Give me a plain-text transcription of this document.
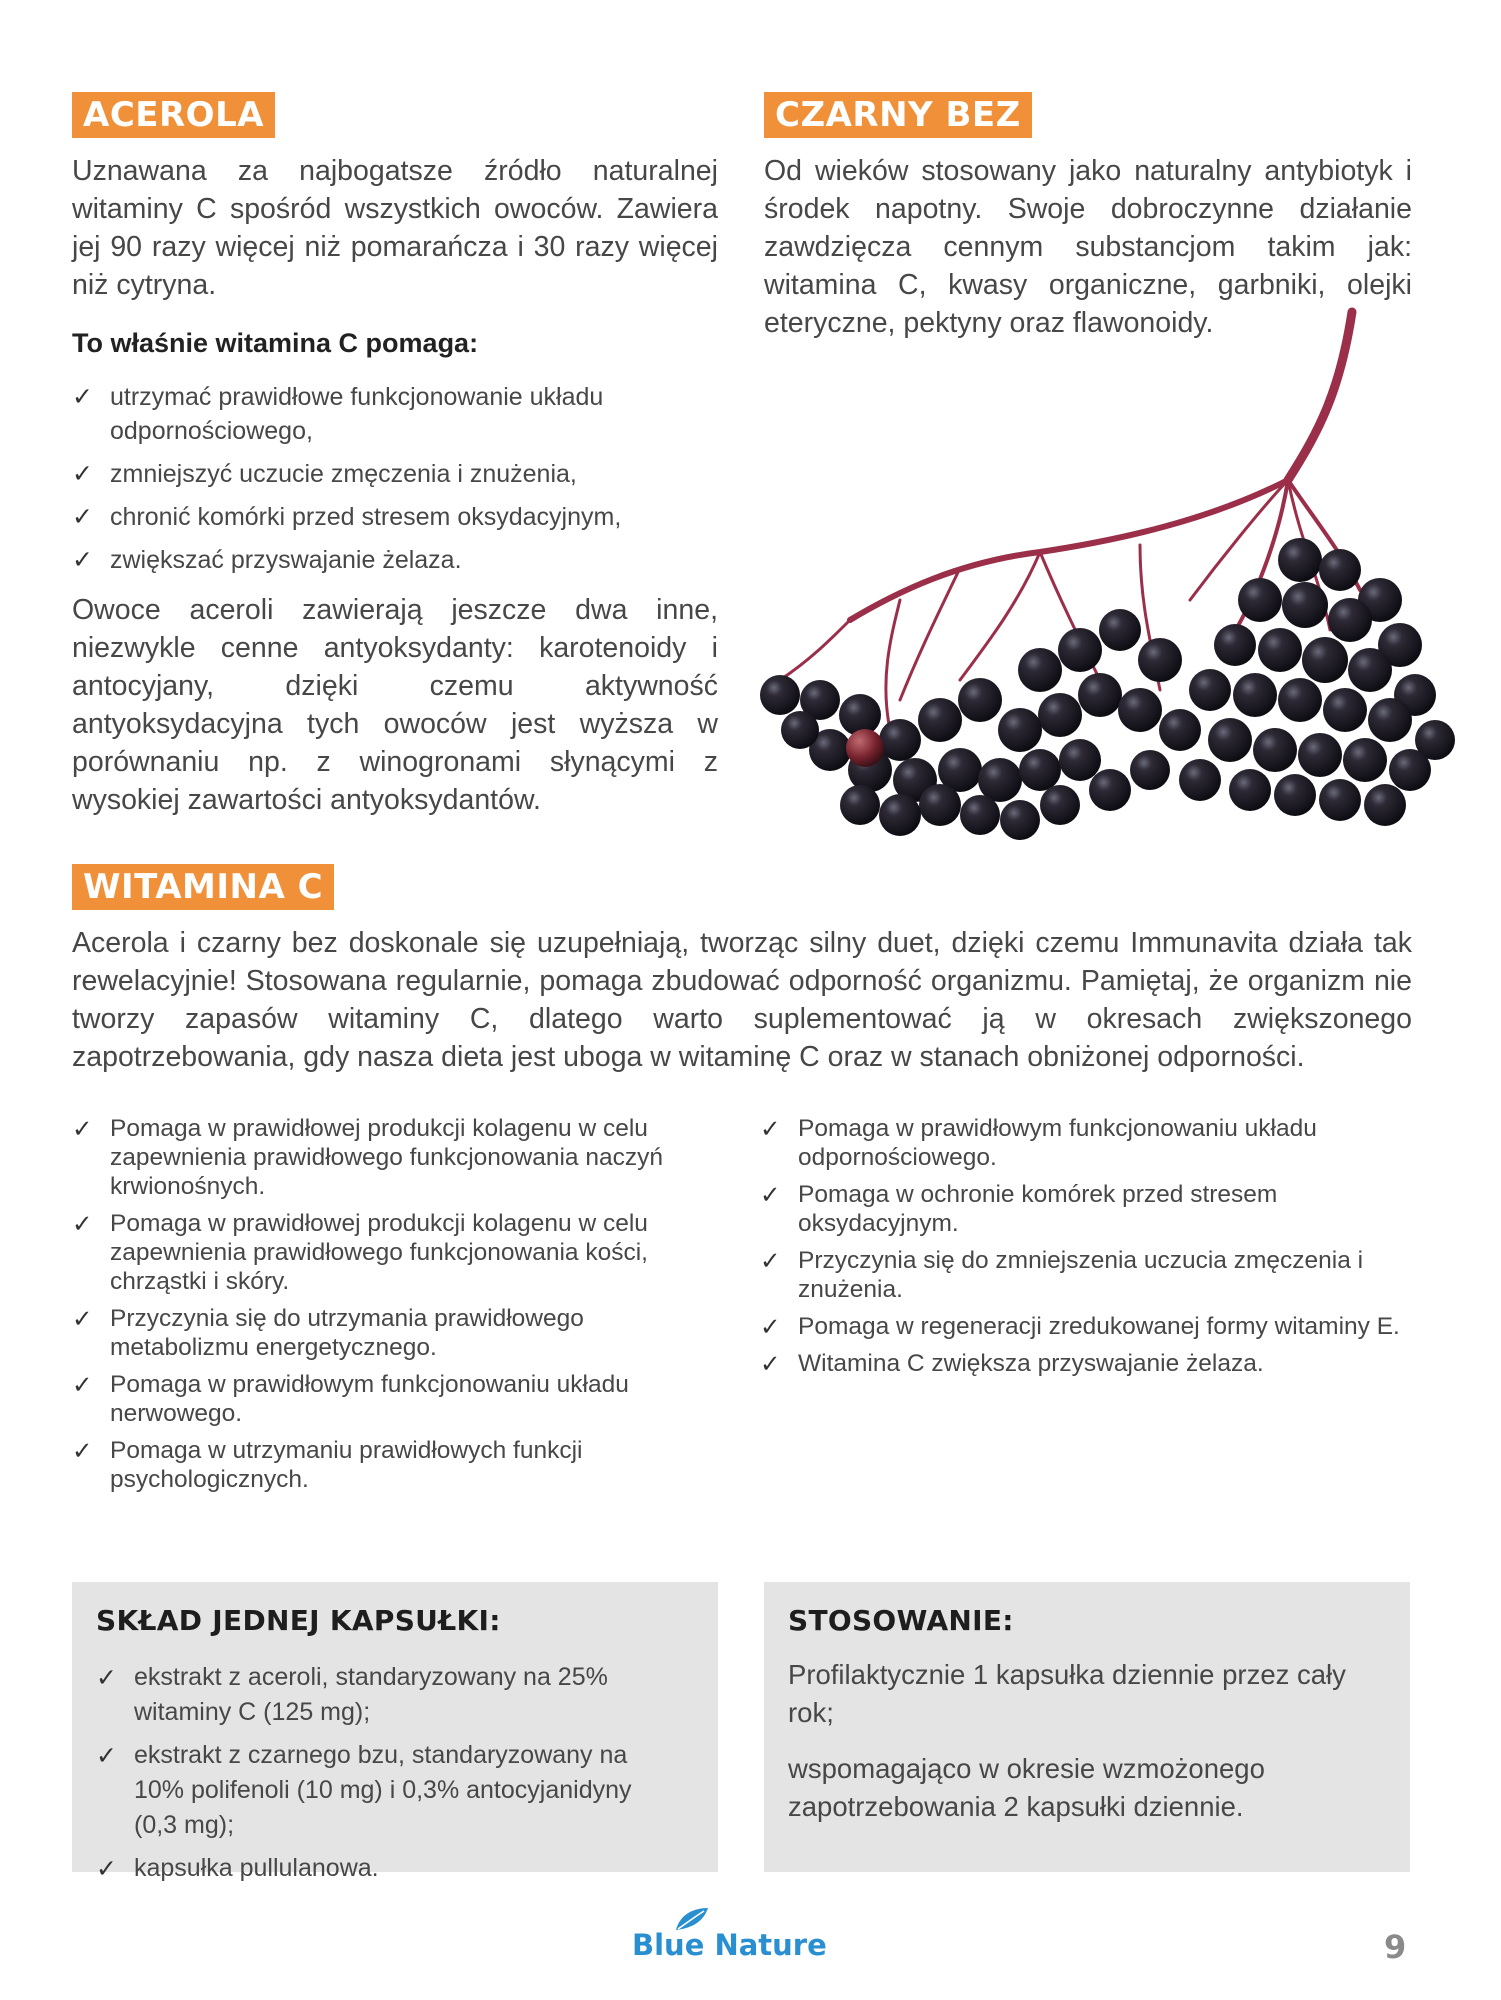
ACEROLA

Uznawana za najbogatsze źródło naturalnej witaminy C spośród wszystkich owoców. Zawiera jej 90 razy więcej niż pomarańcza i 30 razy więcej niż cytryna.

To właśnie witamina C pomaga:
✓ utrzymać prawidłowe funkcjonowanie układu odpornościowego,
✓ zmniejszyć uczucie zmęczenia i znużenia,
✓ chronić komórki przed stresem oksydacyjnym,
✓ zwiększać przyswajanie żelaza.

Owoce aceroli zawierają jeszcze dwa inne, niezwykle cenne antyoksydanty: karotenoidy i antocyjany, dzięki czemu aktywność antyoksydacyjna tych owoców jest wyższa w porównaniu np. z winogronami słynącymi z wysokiej zawartości antyoksydantów.

CZARNY BEZ

Od wieków stosowany jako naturalny antybiotyk i środek napotny. Swoje dobroczynne działanie zawdzięcza cennym substancjom takim jak: witamina C, kwasy organiczne, garbniki, olejki eteryczne, pektyny oraz flawonoidy.

WITAMINA C

Acerola i czarny bez doskonale się uzupełniają, tworząc silny duet, dzięki czemu Immunavita działa tak rewelacyjnie! Stosowana regularnie, pomaga zbudować odporność organizmu. Pamiętaj, że organizm nie tworzy zapasów witaminy C, dlatego warto suplementować ją w okresach zwiększonego zapotrzebowania, gdy nasza dieta jest uboga w witaminę C oraz w stanach obniżonej odporności.

✓ Pomaga w prawidłowej produkcji kolagenu w celu zapewnienia prawidłowego funkcjonowania naczyń krwionośnych.
✓ Pomaga w prawidłowej produkcji kolagenu w celu zapewnienia prawidłowego funkcjonowania kości, chrząstki i skóry.
✓ Przyczynia się do utrzymania prawidłowego metabolizmu energetycznego.
✓ Pomaga w prawidłowym funkcjonowaniu układu nerwowego.
✓ Pomaga w utrzymaniu prawidłowych funkcji psychologicznych.
✓ Pomaga w prawidłowym funkcjonowaniu układu odpornościowego.
✓ Pomaga w ochronie komórek przed stresem oksydacyjnym.
✓ Przyczynia się do zmniejszenia uczucia zmęczenia i znużenia.
✓ Pomaga w regeneracji zredukowanej formy witaminy E.
✓ Witamina C zwiększa przyswajanie żelaza.
SKŁAD JEDNEJ KAPSUŁKI:
✓ ekstrakt z aceroli, standaryzowany na 25% witaminy C (125 mg);
✓ ekstrakt z czarnego bzu, standaryzowany na 10% polifenoli (10 mg) i 0,3% antocyjanidyny (0,3 mg);
✓ kapsułka pullulanowa.
STOSOWANIE:

Profilaktycznie 1 kapsułka dziennie przez cały rok;

wspomagająco w okresie wzmożonego zapotrzebowania 2 kapsułki dziennie.

Blue Nature	9
